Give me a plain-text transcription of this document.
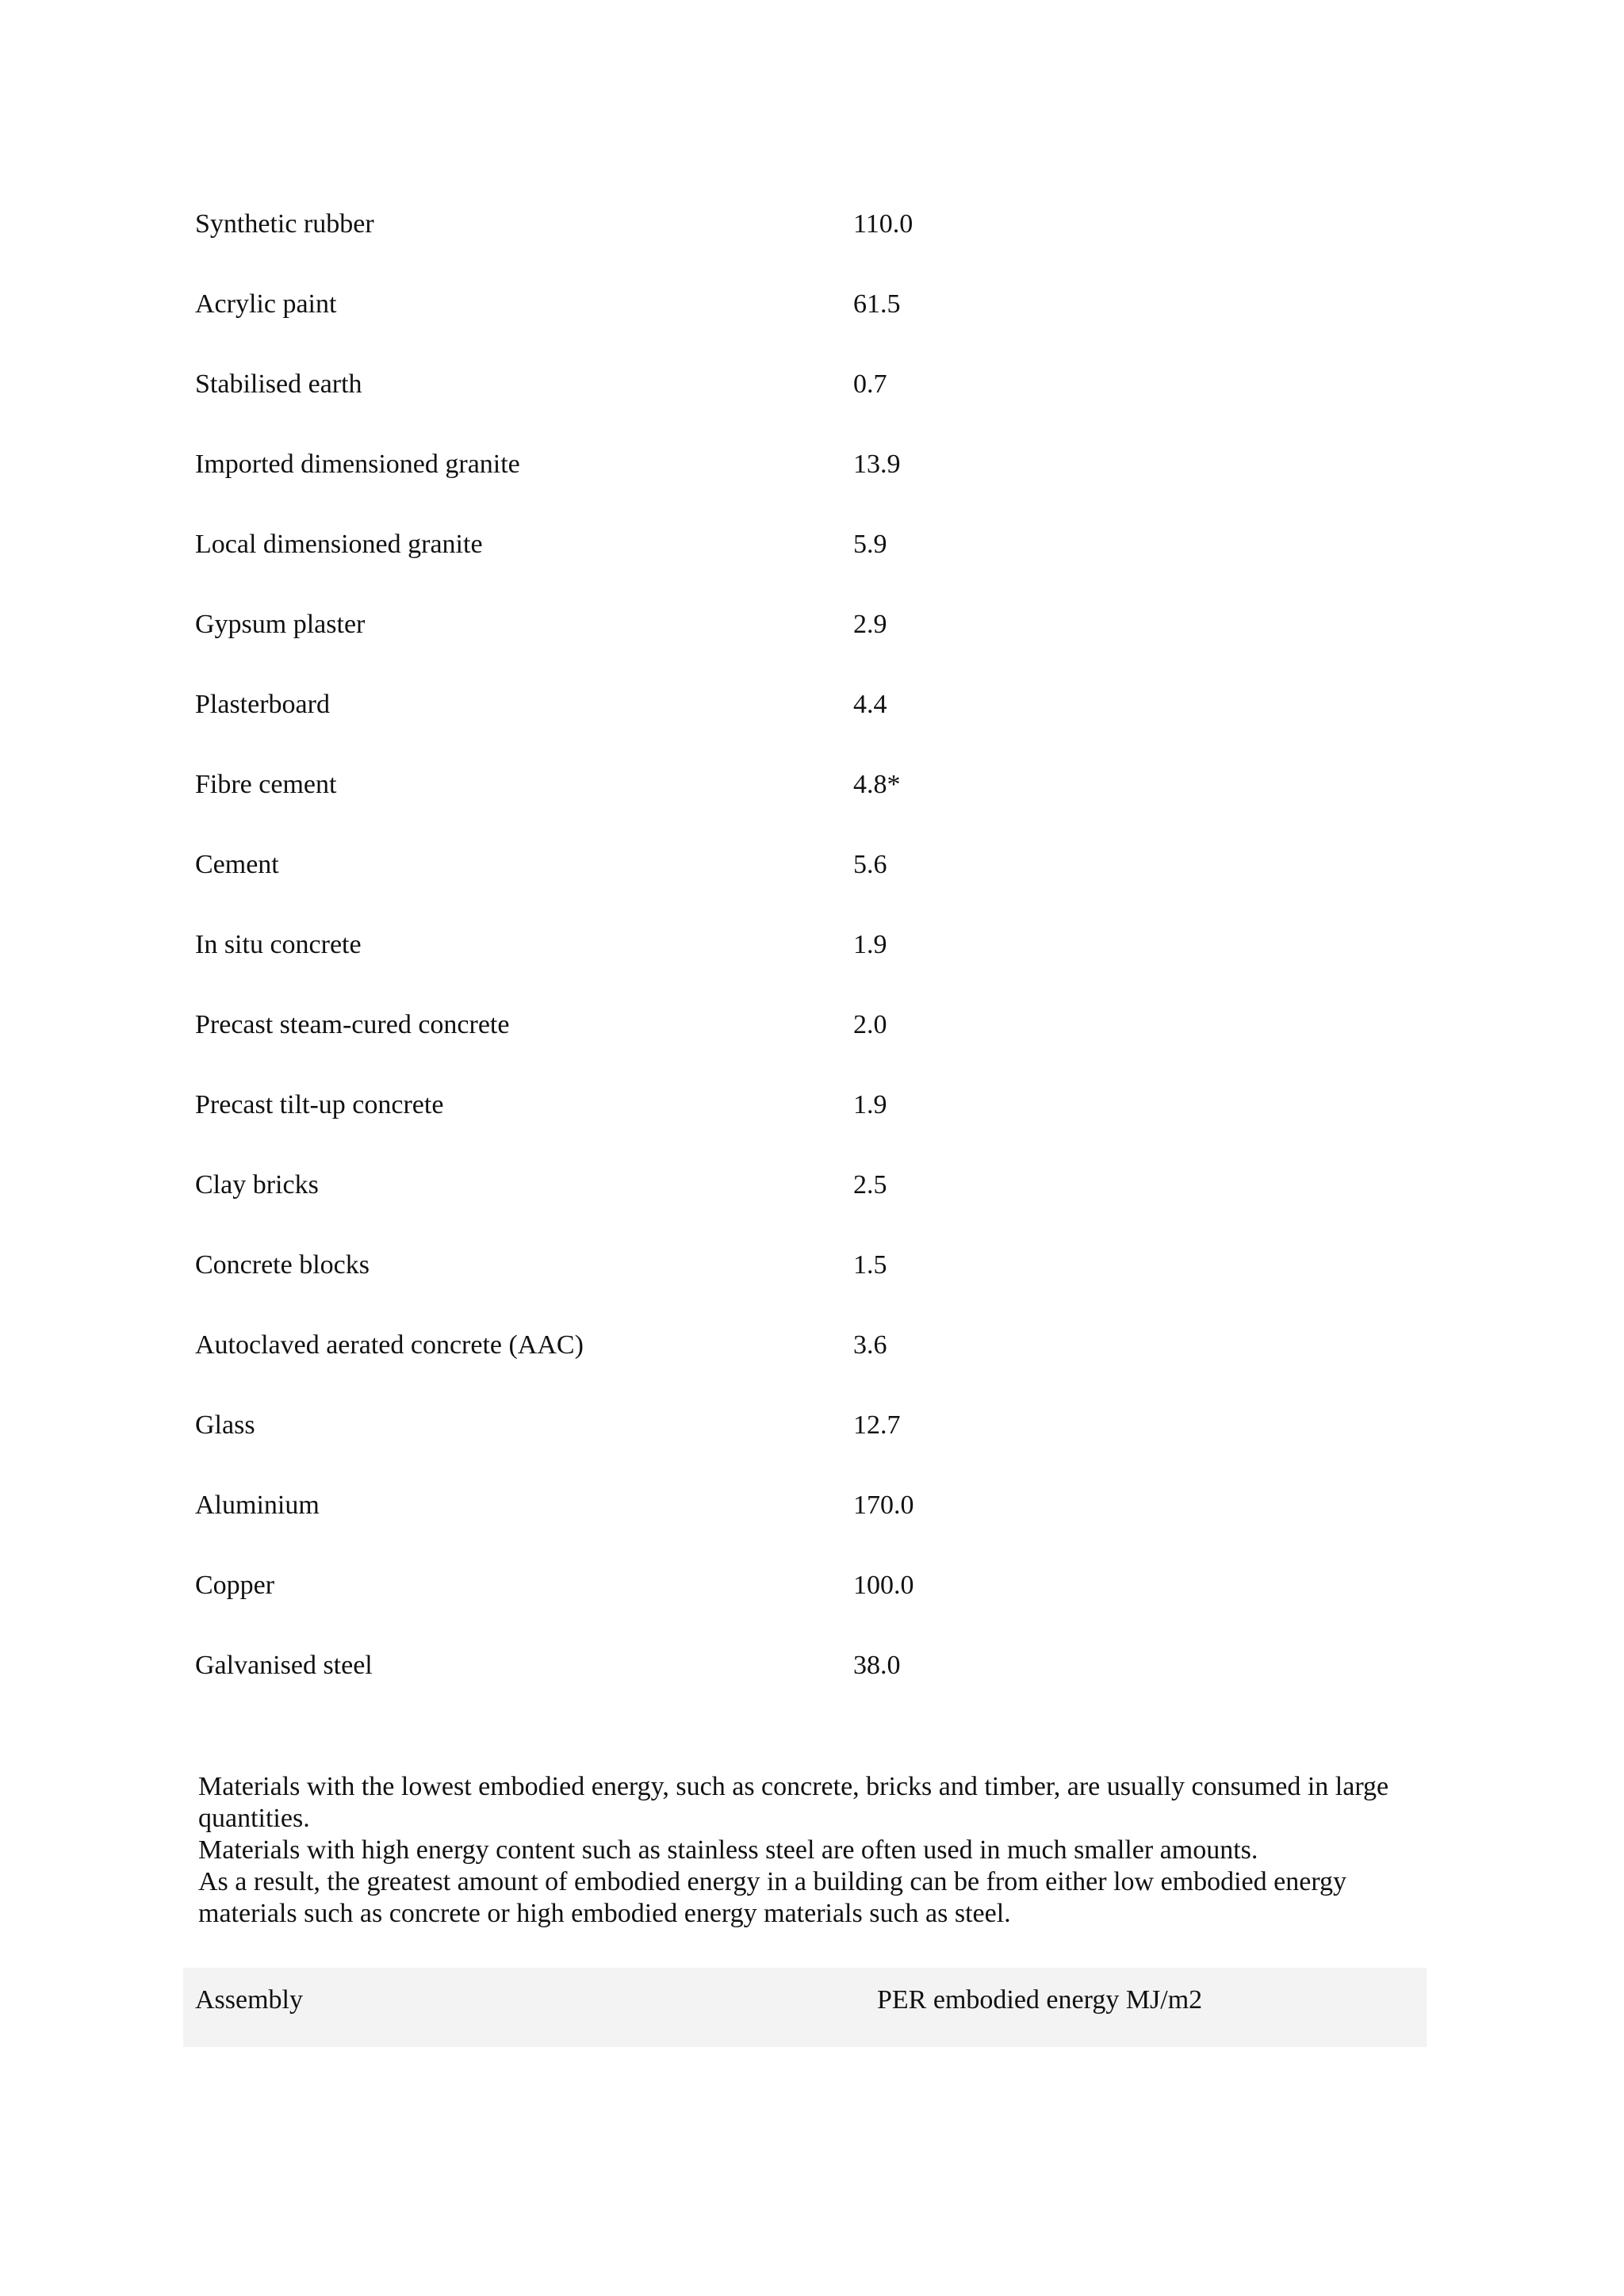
Synthetic rubber	110.0
Acrylic paint	61.5
Stabilised earth	0.7
Imported dimensioned granite	13.9
Local dimensioned granite	5.9
Gypsum plaster	2.9
Plasterboard	4.4
Fibre cement	4.8*
Cement	5.6
In situ concrete	1.9
Precast steam-cured concrete	2.0
Precast tilt-up concrete	1.9
Clay bricks	2.5
Concrete blocks	1.5
Autoclaved aerated concrete (AAC)	3.6
Glass	12.7
Aluminium	170.0
Copper	100.0
Galvanised steel	38.0
Materials with the lowest embodied energy, such as concrete, bricks and timber, are usually consumed in large
quantities.
Materials with high energy content such as stainless steel are often used in much smaller amounts.
As a result, the greatest amount of embodied energy in a building can be from either low embodied energy
materials such as concrete or high embodied energy materials such as steel.
Assembly	PER embodied energy MJ/m2
